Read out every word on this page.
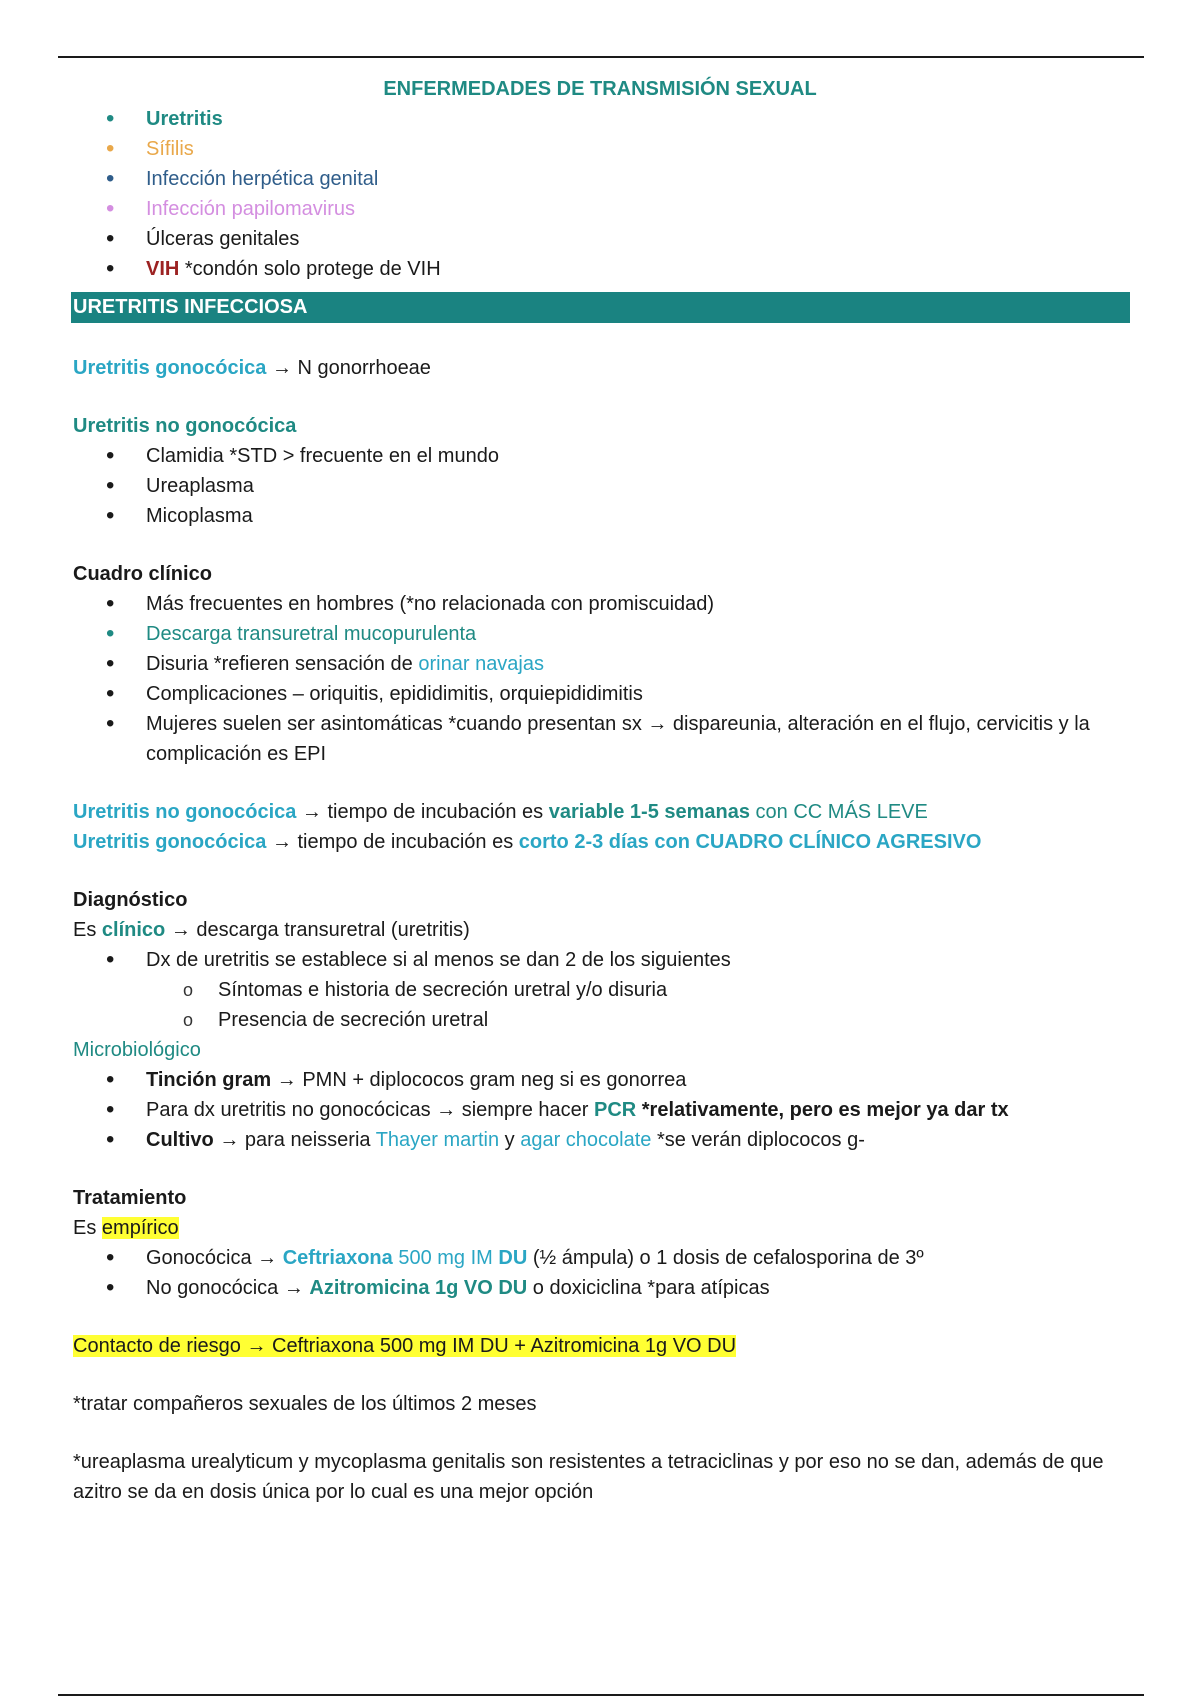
ENFERMEDADES DE TRANSMISIÓN SEXUAL
• Uretritis
• Sífilis
• Infección herpética genital
• Infección papilomavirus
• Úlceras genitales
• VIH *condón solo protege de VIH
URETRITIS INFECCIOSA
Uretritis gonocócica → N gonorrhoeae
Uretritis no gonocócica
• Clamidia *STD > frecuente en el mundo
• Ureaplasma
• Micoplasma
Cuadro clínico
• Más frecuentes en hombres (*no relacionada con promiscuidad)
• Descarga transuretral mucopurulenta
• Disuria *refieren sensación de orinar navajas
• Complicaciones – oriquitis, epididimitis, orquiepididimitis
• Mujeres suelen ser asintomáticas *cuando presentan sx → dispareunia, alteración en el flujo, cervicitis y la complicación es EPI
Uretritis no gonocócica → tiempo de incubación es variable 1-5 semanas con CC MÁS LEVE
Uretritis gonocócica → tiempo de incubación es corto 2-3 días con CUADRO CLÍNICO AGRESIVO
Diagnóstico
Es clínico → descarga transuretral (uretritis)
• Dx de uretritis se establece si al menos se dan 2 de los siguientes
o Síntomas e historia de secreción uretral y/o disuria
o Presencia de secreción uretral
Microbiológico
• Tinción gram → PMN + diplococos gram neg si es gonorrea
• Para dx uretritis no gonocócicas → siempre hacer PCR *relativamente, pero es mejor ya dar tx
• Cultivo → para neisseria Thayer martin y agar chocolate *se verán diplococos g-
Tratamiento
Es empírico
• Gonocócica → Ceftriaxona 500 mg IM DU (½ ámpula) o 1 dosis de cefalosporina de 3º
• No gonocócica → Azitromicina 1g VO DU o doxiciclina *para atípicas
Contacto de riesgo → Ceftriaxona 500 mg IM DU + Azitromicina 1g VO DU
*tratar compañeros sexuales de los últimos 2 meses
*ureaplasma urealyticum y mycoplasma genitalis son resistentes a tetraciclinas y por eso no se dan, además de que azitro se da en dosis única por lo cual es una mejor opción
